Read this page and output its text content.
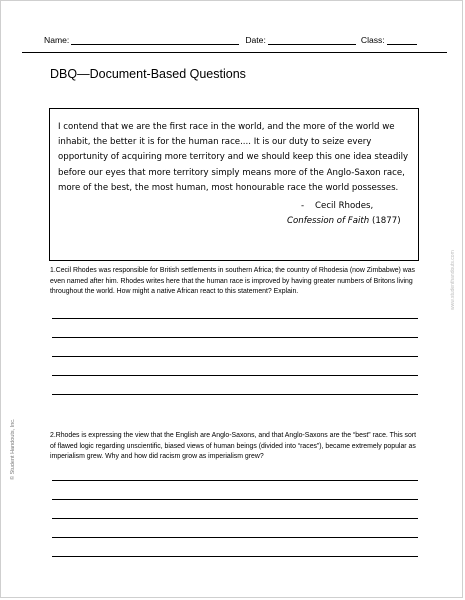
Name:	Date:	Class:
DBQ—Document-Based Questions

I contend that we are the first race in the world, and the more of the world we inhabit, the better it is for the human race.... It is our duty to seize every opportunity of acquiring more territory and we should keep this one idea steadily before our eyes that more territory simply means more of the Anglo-Saxon race, more of the best, the most human, most honourable race the world possesses.

- Cecil Rhodes,
Confession of Faith (1877)

1.Cecil Rhodes was responsible for British settlements in southern Africa; the country of Rhodesia (now Zimbabwe) was even named after him. Rhodes writes here that the human race is improved by having greater numbers of Britons living throughout the world. How might a native African react to this statement? Explain.

2.Rhodes is expressing the view that the English are Anglo-Saxons, and that Anglo-Saxons are the “best” race. This sort of flawed logic regarding unscientific, biased views of human beings (divided into “races”), became extremely popular as imperialism grew. Why and how did racism grow as imperialism grew?

© Student Handouts, Inc.
www.studenthandouts.com
